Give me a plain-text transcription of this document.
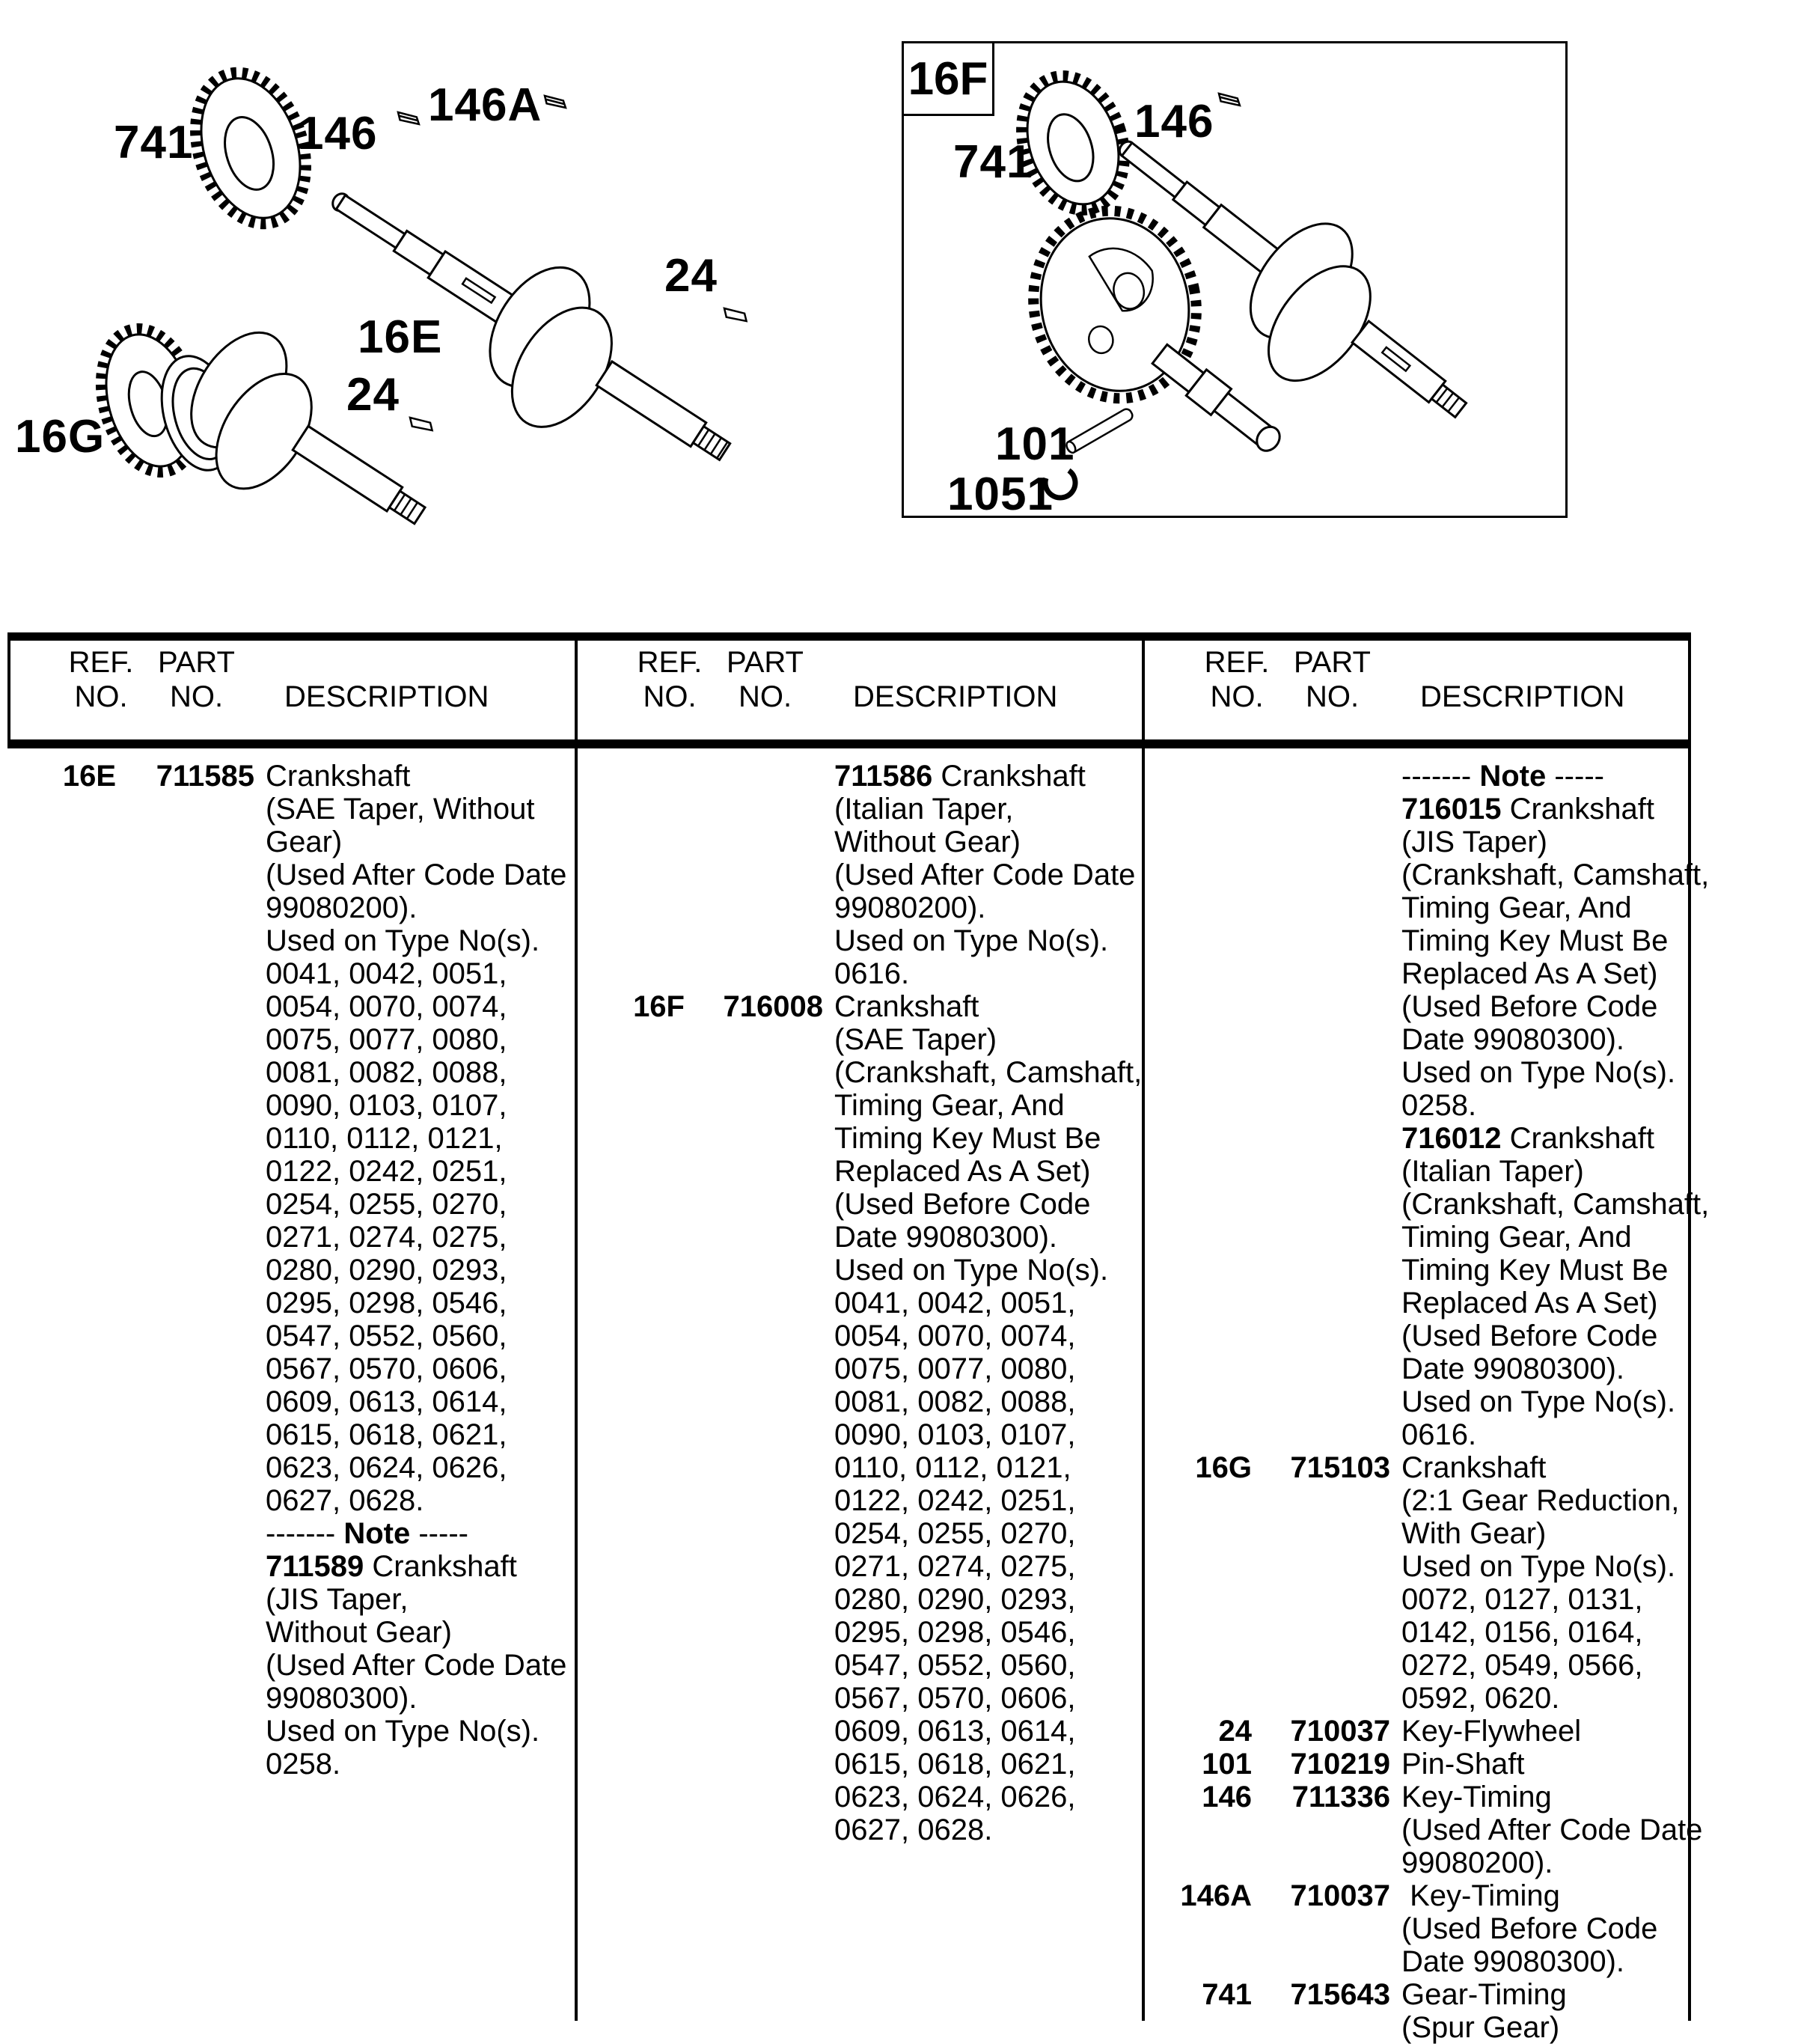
741 146
146A
24
16E
24
16G
16F
741
146
101
1051
REF.
NO.
PART
NO.	DESCRIPTION
REF.
NO.
PART
NO.	DESCRIPTION
REF.
NO.
PART
NO.	DESCRIPTION
16E	711585 Crankshaft
(SAE Taper, Without
Gear)
(Used After Code Date
99080200).
Used on Type No(s).
0041, 0042, 0051,
0054, 0070, 0074,
0075, 0077, 0080,
0081, 0082, 0088,
0090, 0103, 0107,
0110, 0112, 0121,
0122, 0242, 0251,
0254, 0255, 0270,
0271, 0274, 0275,
0280, 0290, 0293,
0295, 0298, 0546,
0547, 0552, 0560,
0567, 0570, 0606,
0609, 0613, 0614,
0615, 0618, 0621,
0623, 0624, 0626,
0627, 0628.
------- Note -----
711589 Crankshaft
(JIS Taper,
Without Gear)
(Used After Code Date
99080300).
Used on Type No(s).
0258.
711586 Crankshaft
(Italian Taper,
Without Gear)
(Used After Code Date
99080200).
Used on Type No(s).
0616.
16F	716008 Crankshaft
(SAE Taper)
(Crankshaft, Camshaft,
Timing Gear, And
Timing Key Must Be
Replaced As A Set)
(Used Before Code
Date 99080300).
Used on Type No(s).
0041, 0042, 0051,
0054, 0070, 0074,
0075, 0077, 0080,
0081, 0082, 0088,
0090, 0103, 0107,
0110, 0112, 0121,
0122, 0242, 0251,
0254, 0255, 0270,
0271, 0274, 0275,
0280, 0290, 0293,
0295, 0298, 0546,
0547, 0552, 0560,
0567, 0570, 0606,
0609, 0613, 0614,
0615, 0618, 0621,
0623, 0624, 0626,
0627, 0628.
------- Note -----
716015 Crankshaft
(JIS Taper)
(Crankshaft, Camshaft,
Timing Gear, And
Timing Key Must Be
Replaced As A Set)
(Used Before Code
Date 99080300).
Used on Type No(s).
0258.
716012 Crankshaft
(Italian Taper)
(Crankshaft, Camshaft,
Timing Gear, And
Timing Key Must Be
Replaced As A Set)
(Used Before Code
Date 99080300).
Used on Type No(s).
0616.
16G	715103 Crankshaft
(2:1 Gear Reduction,
With Gear)
Used on Type No(s).
0072, 0127, 0131,
0142, 0156, 0164,
0272, 0549, 0566,
0592, 0620.
24	710037 Key-Flywheel
101	710219 Pin-Shaft
146	711336 Key-Timing
(Used After Code Date
99080200).
146A	710037 Key-Timing
(Used Before Code
Date 99080300).
741	715643 Gear-Timing
(Spur Gear)
